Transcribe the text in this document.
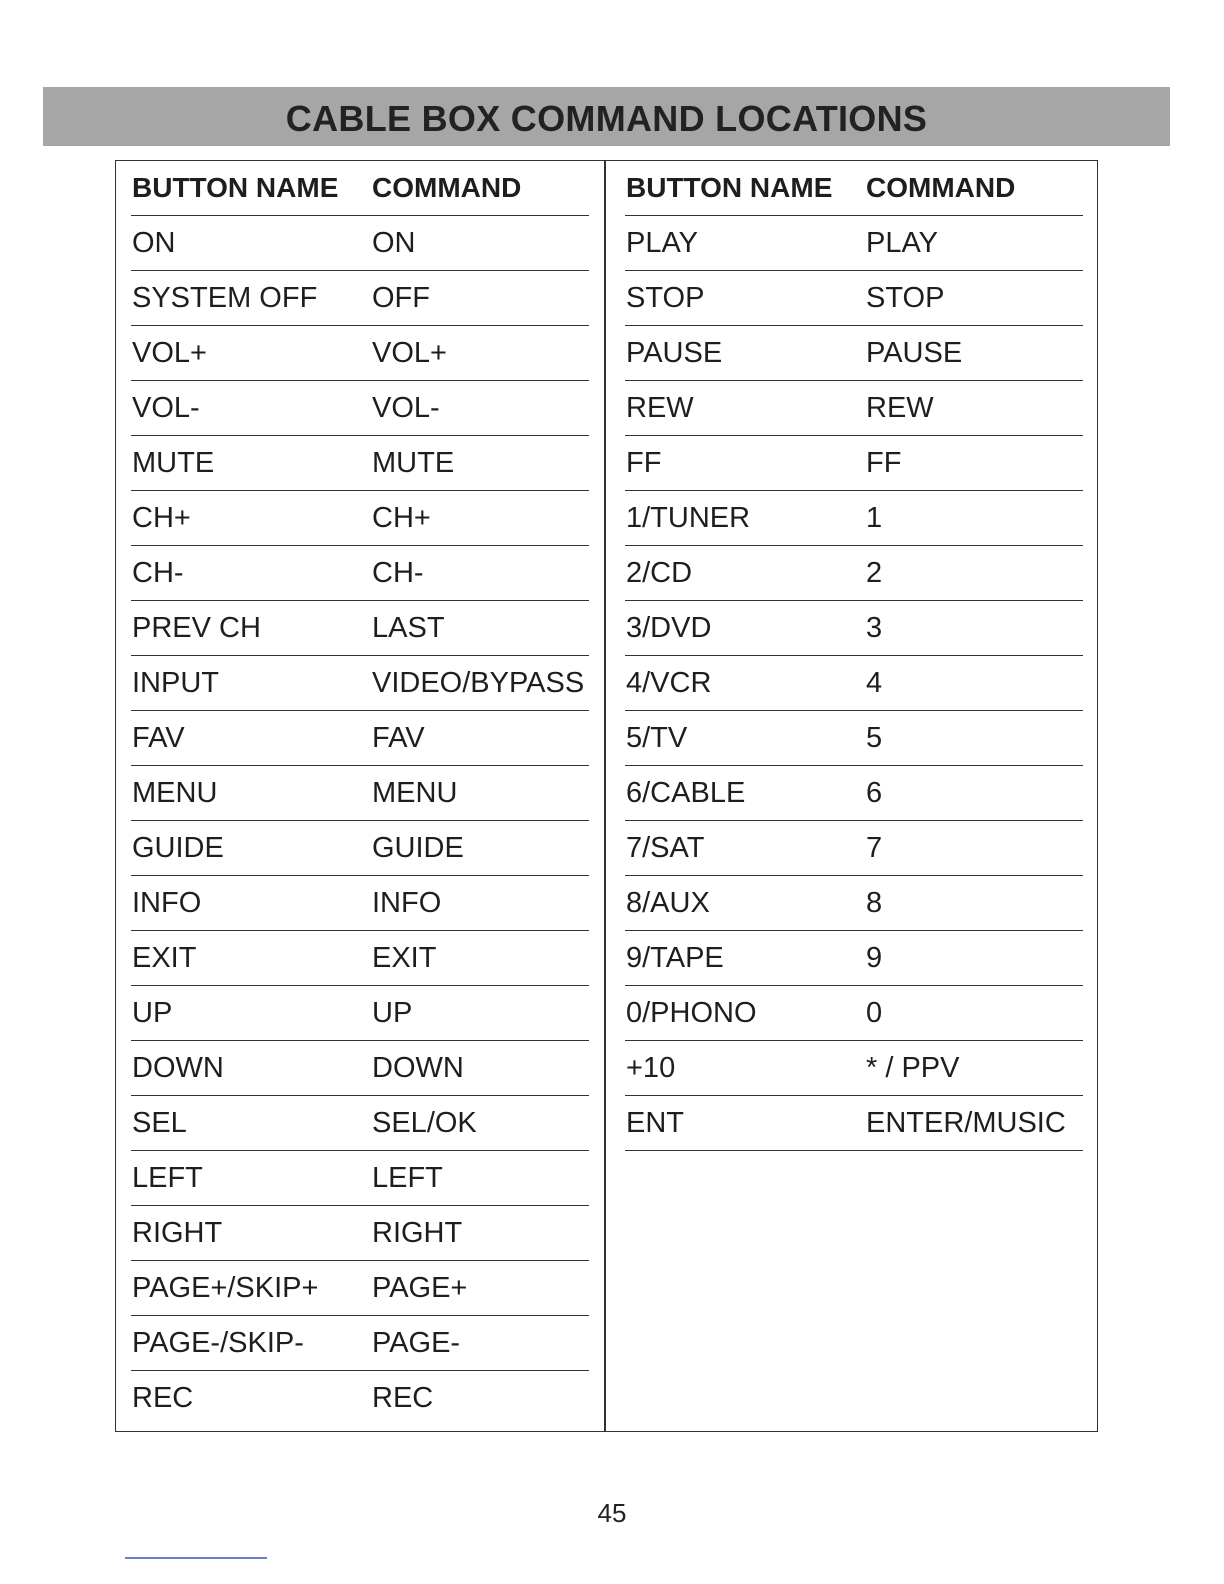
CABLE BOX COMMAND LOCATIONS
BUTTON NAME COMMAND
ON	ON
SYSTEM OFF OFF
VOL+	VOL+
VOL-	VOL-
MUTE	MUTE
CH+	CH+
CH-	CH-
PREV CH	LAST
INPUT	VIDEO/BYPASS
FAV	FAV
MENU	MENU
GUIDE	GUIDE
INFO	INFO
EXIT	EXIT
UP	UP
DOWN	DOWN
SEL	SEL/OK
LEFT	LEFT
RIGHT	RIGHT
PAGE+/SKIP+ PAGE+
PAGE-/SKIP- PAGE-
REC	REC
BUTTON NAME COMMAND
PLAY	PLAY
STOP	STOP
PAUSE	PAUSE
REW	REW
FF	FF
1/TUNER	1
2/CD	2
3/DVD	3
4/VCR	4
5/TV	5
6/CABLE	6
7/SAT	7
8/AUX	8
9/TAPE	9
0/PHONO	0
+10	* / PPV
ENT	ENTER/MUSIC
45
